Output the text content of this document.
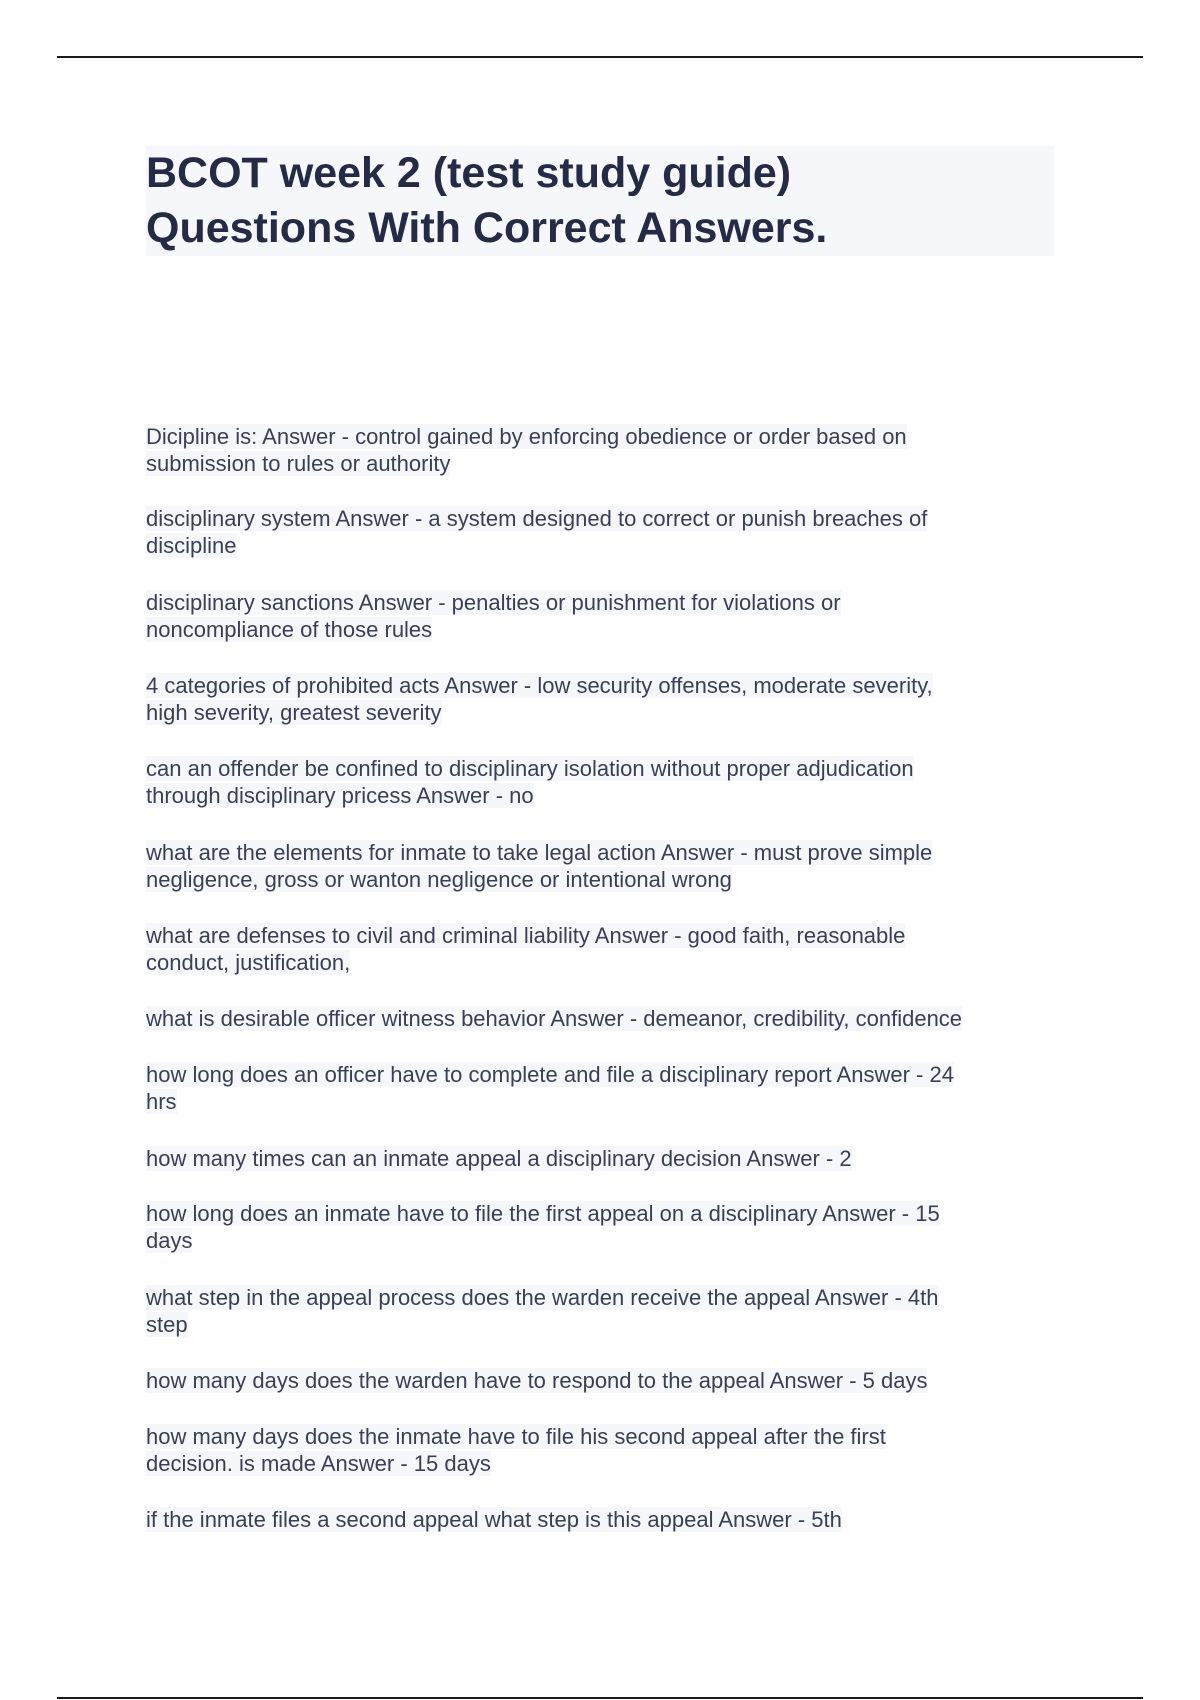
BCOT week 2 (test study guide)
Questions With Correct Answers.
Dicipline is: Answer - control gained by enforcing obedience or order based on
submission to rules or authority
disciplinary system Answer - a system designed to correct or punish breaches of
discipline
disciplinary sanctions Answer - penalties or punishment for violations or
noncompliance of those rules
4 categories of prohibited acts Answer - low security offenses, moderate severity,
high severity, greatest severity
can an offender be confined to disciplinary isolation without proper adjudication
through disciplinary pricess Answer - no
what are the elements for inmate to take legal action Answer - must prove simple
negligence, gross or wanton negligence or intentional wrong
what are defenses to civil and criminal liability Answer - good faith, reasonable
conduct, justification,
what is desirable officer witness behavior Answer - demeanor, credibility, confidence
how long does an officer have to complete and file a disciplinary report Answer - 24
hrs
how many times can an inmate appeal a disciplinary decision Answer - 2
how long does an inmate have to file the first appeal on a disciplinary Answer - 15
days
what step in the appeal process does the warden receive the appeal Answer - 4th
step
how many days does the warden have to respond to the appeal Answer - 5 days
how many days does the inmate have to file his second appeal after the first
decision. is made Answer - 15 days
if the inmate files a second appeal what step is this appeal Answer - 5th
